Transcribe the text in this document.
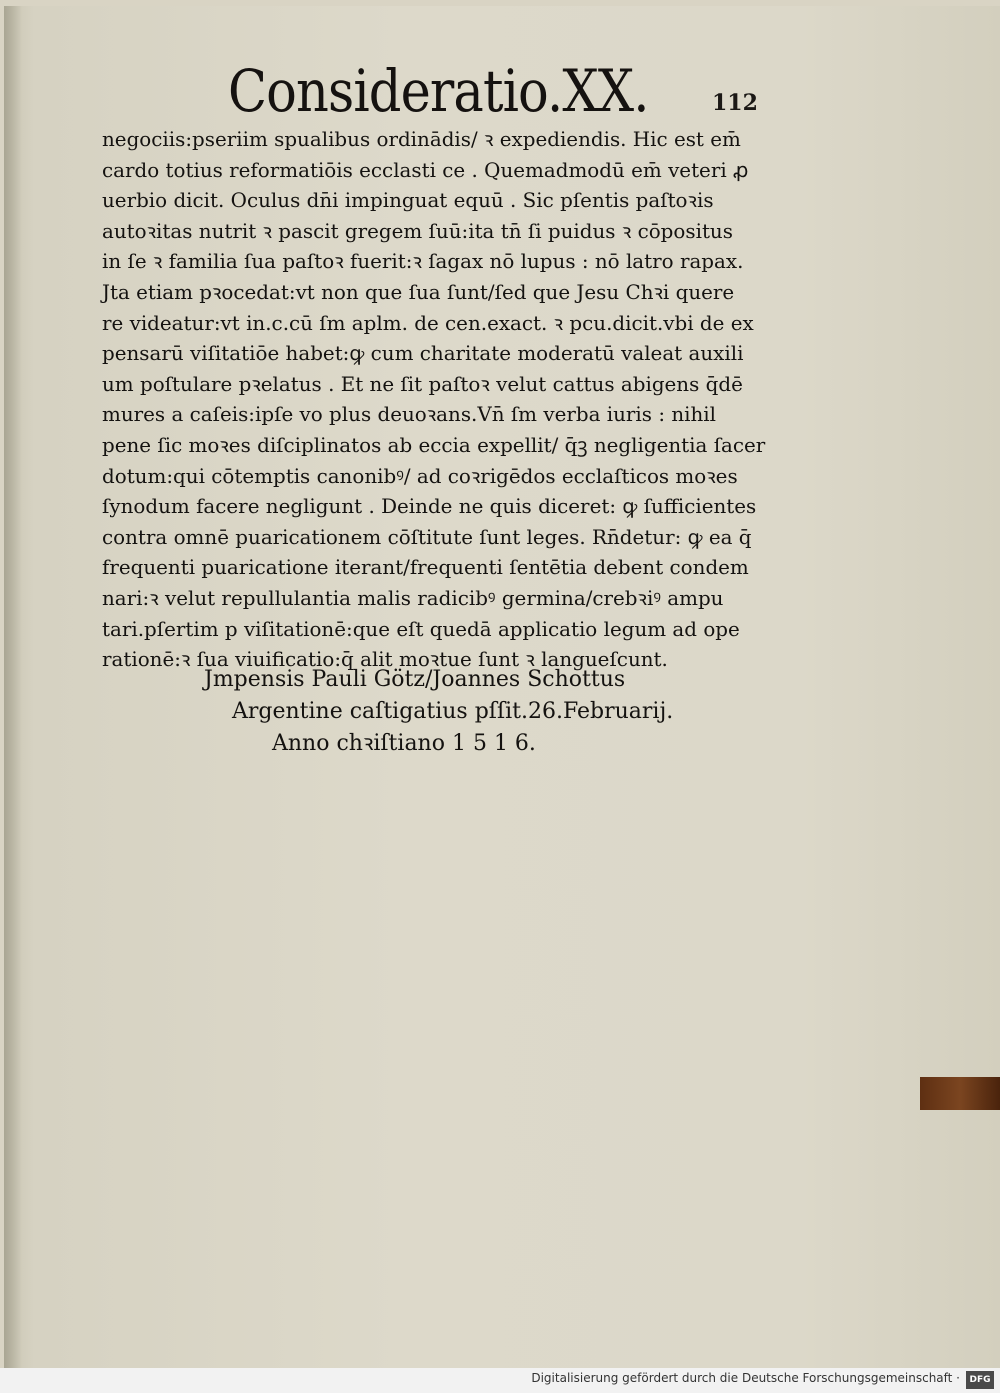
Consideratio.XX.	112
negociis:pseriim spualibus ordinādis/ ꝛ expediendis. Hic est em̄
cardo totius reformatiōis ecclasti ce . Quemadmodū em̄ veteri ꝓ
uerbio dicit. Oculus dn̄i impinguat equū . Sic pſentis paſtoꝛis
autoꝛitas nutrit ꝛ pascit gregem ſuū:ita tn̄ ſi puidus ꝛ cōpositus
in ſe ꝛ familia ſua paſtoꝛ fuerit:ꝛ ſagax nō lupus : nō latro rapax.
Jta etiam pꝛocedat:vt non que ſua ſunt/ſed que Jesu Chꝛi quere
re videatur:vt in.c.cū ſm aplm. de cen.exact. ꝛ pcu.dicit.vbi de ex
pensarū viſitatiōe habet:ꝙ cum charitate moderatū valeat auxili
um poſtulare pꝛelatus . Et ne ſit paſtoꝛ velut cattus abigens q̄dē
mures a caſeis:ipſe vo plus deuoꝛans.Vn̄ ſm verba iuris : nihil
pene ſic moꝛes diſciplinatos ab eccia expellit/ q̄ꝫ negligentia ſacer
dotum:qui cōtemptis canonibꝰ/ ad coꝛrigēdos ecclaſticos moꝛes
ſynodum facere negligunt . Deinde ne quis diceret: ꝙ ſufficientes
contra omnē puaricationem cōſtitute ſunt leges. Rn̄detur: ꝙ ea q̄
frequenti puaricatione iterant/frequenti ſentētia debent condem
nari:ꝛ velut repullulantia malis radicibꝰ germina/crebꝛiꝰ ampu
tari.pſertim p viſitationē:que eſt quedā applicatio legum ad ope
rationē:ꝛ ſua viuificatio:q̄ alit moꝛtue ſunt ꝛ langueſcunt.
Jmpensis Pauli Götz/Joannes Schottus
Argentine caſtigatius pſſit.26.Februarij.
Anno chꝛiſtiano 1 5 1 6.
Digitalisierung gefördert durch die Deutsche Forschungsgemeinschaft ·	DFG
